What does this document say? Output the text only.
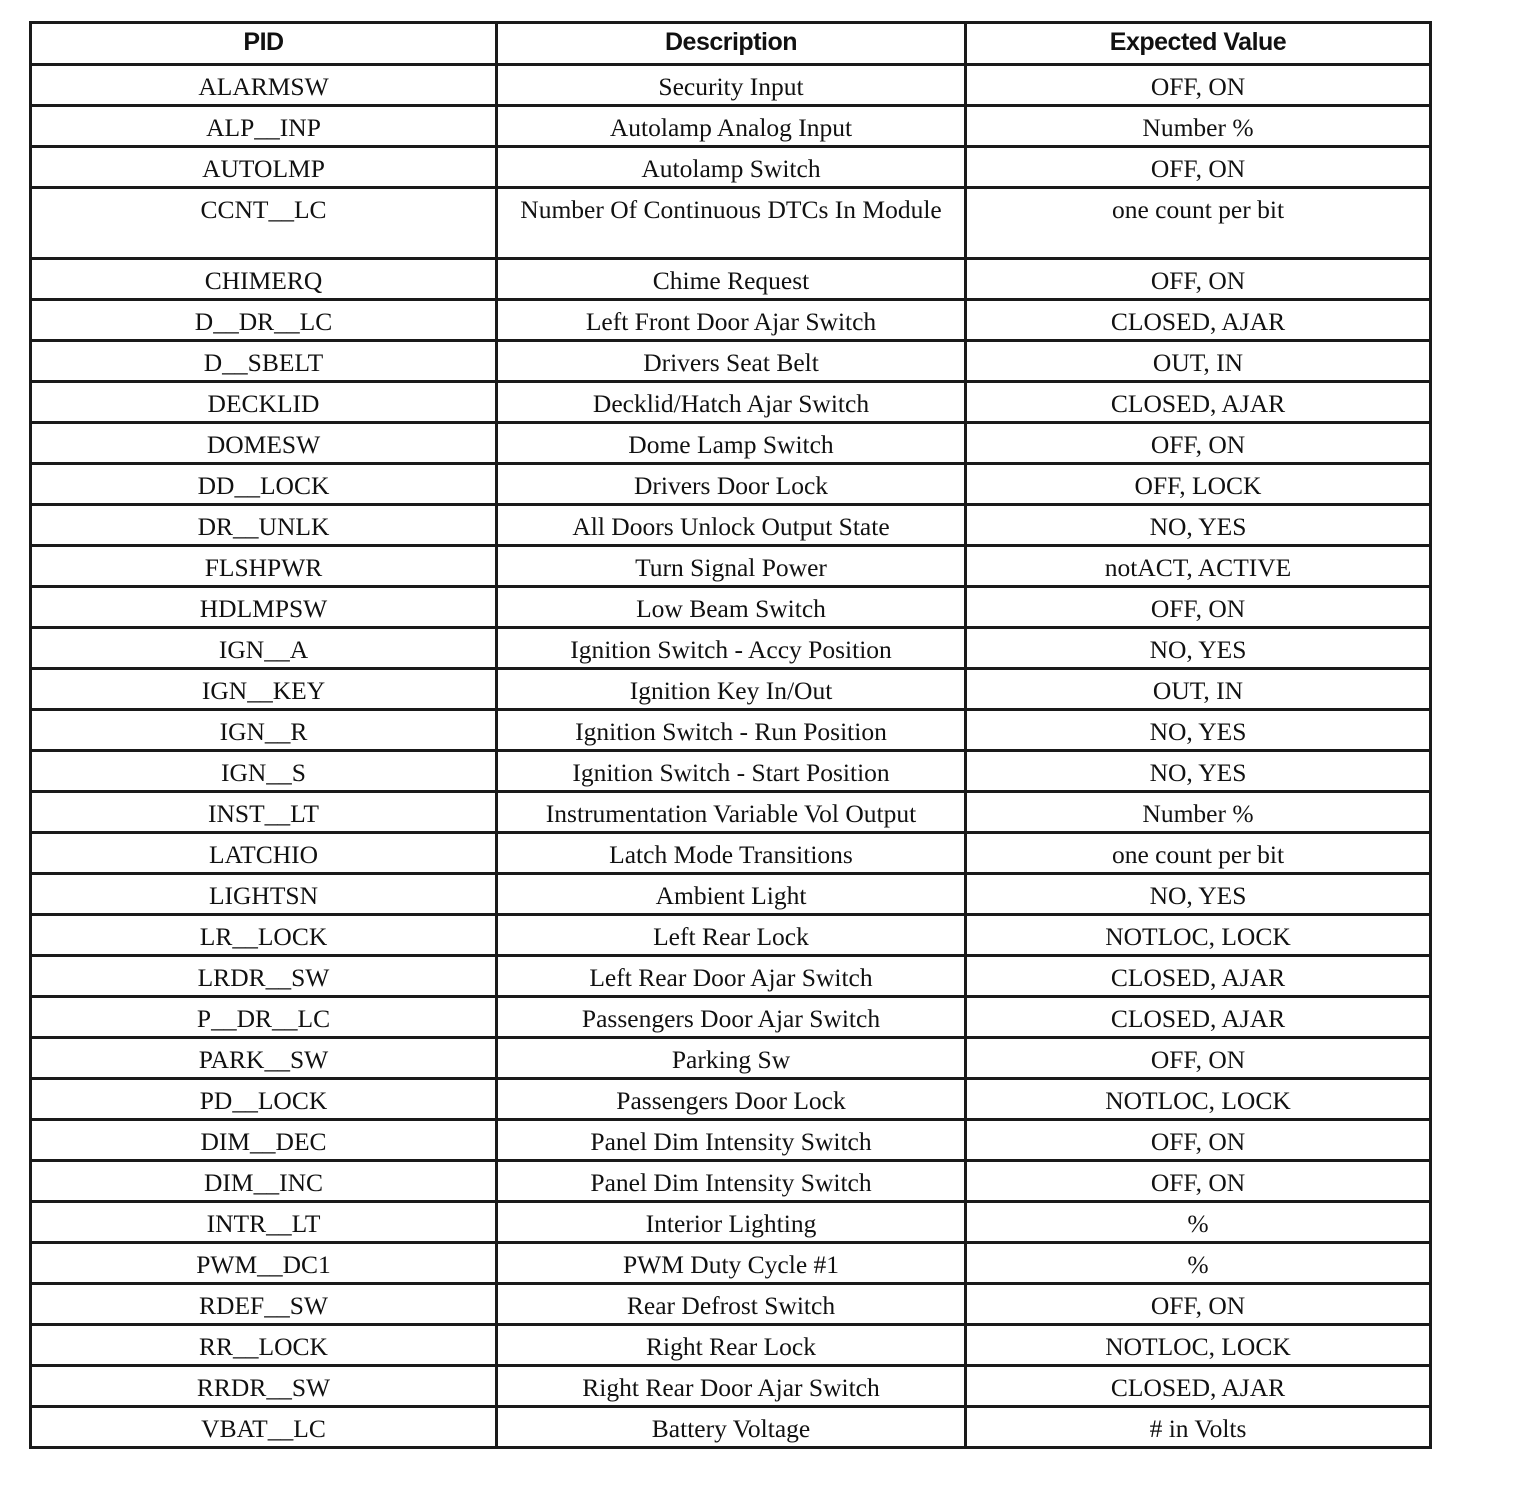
PID	Description	Expected Value
ALARMSW	Security Input	OFF, ON
ALP__INP	Autolamp Analog Input	Number %
AUTOLMP	Autolamp Switch	OFF, ON
CCNT__LC	Number Of Continuous DTCs In Module	one count per bit
CHIMERQ	Chime Request	OFF, ON
D__DR__LC	Left Front Door Ajar Switch	CLOSED, AJAR
D__SBELT	Drivers Seat Belt	OUT, IN
DECKLID	Decklid/Hatch Ajar Switch	CLOSED, AJAR
DOMESW	Dome Lamp Switch	OFF, ON
DD__LOCK	Drivers Door Lock	OFF, LOCK
DR__UNLK	All Doors Unlock Output State	NO, YES
FLSHPWR	Turn Signal Power	notACT, ACTIVE
HDLMPSW	Low Beam Switch	OFF, ON
IGN__A	Ignition Switch - Accy Position	NO, YES
IGN__KEY	Ignition Key In/Out	OUT, IN
IGN__R	Ignition Switch - Run Position	NO, YES
IGN__S	Ignition Switch - Start Position	NO, YES
INST__LT	Instrumentation Variable Vol Output	Number %
LATCHIO	Latch Mode Transitions	one count per bit
LIGHTSN	Ambient Light	NO, YES
LR__LOCK	Left Rear Lock	NOTLOC, LOCK
LRDR__SW	Left Rear Door Ajar Switch	CLOSED, AJAR
P__DR__LC	Passengers Door Ajar Switch	CLOSED, AJAR
PARK__SW	Parking Sw	OFF, ON
PD__LOCK	Passengers Door Lock	NOTLOC, LOCK
DIM__DEC	Panel Dim Intensity Switch	OFF, ON
DIM__INC	Panel Dim Intensity Switch	OFF, ON
INTR__LT	Interior Lighting	%
PWM__DC1	PWM Duty Cycle #1	%
RDEF__SW	Rear Defrost Switch	OFF, ON
RR__LOCK	Right Rear Lock	NOTLOC, LOCK
RRDR__SW	Right Rear Door Ajar Switch	CLOSED, AJAR
VBAT__LC	Battery Voltage	# in Volts
